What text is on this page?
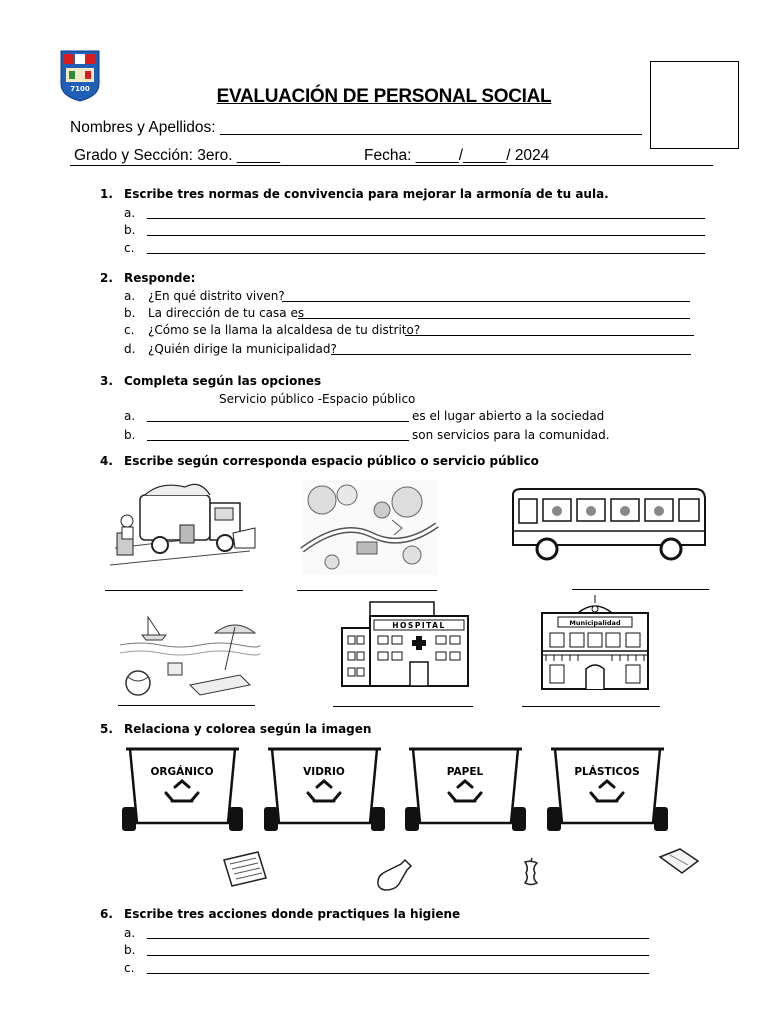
7100	EVALUACIÓN DE PERSONAL SOCIAL
Nombres y Apellidos:
Grado y Sección: 3ero. _____	Fecha: _____/_____/ 2024
1. Escribe tres normas de convivencia para mejorar la armonía de tu aula.
a.
b.
c.
2. Responde:
a. ¿En qué distrito viven?
b. La dirección de tu casa es
c. ¿Cómo se la llama la alcaldesa de tu distrito?
d. ¿Quién dirige la municipalidad?
3. Completa según las opciones
Servicio público -Espacio público
a.	es el lugar abierto a la sociedad
b.	son servicios para la comunidad.
4. Escribe según corresponda espacio público o servicio público
HOSPITAL	Municipalidad
5. Relaciona y colorea según la imagen
ORGÁNICO	VIDRIO	PAPEL	PLÁSTICOS
6. Escribe tres acciones donde practiques la higiene
a.
b.
c.
